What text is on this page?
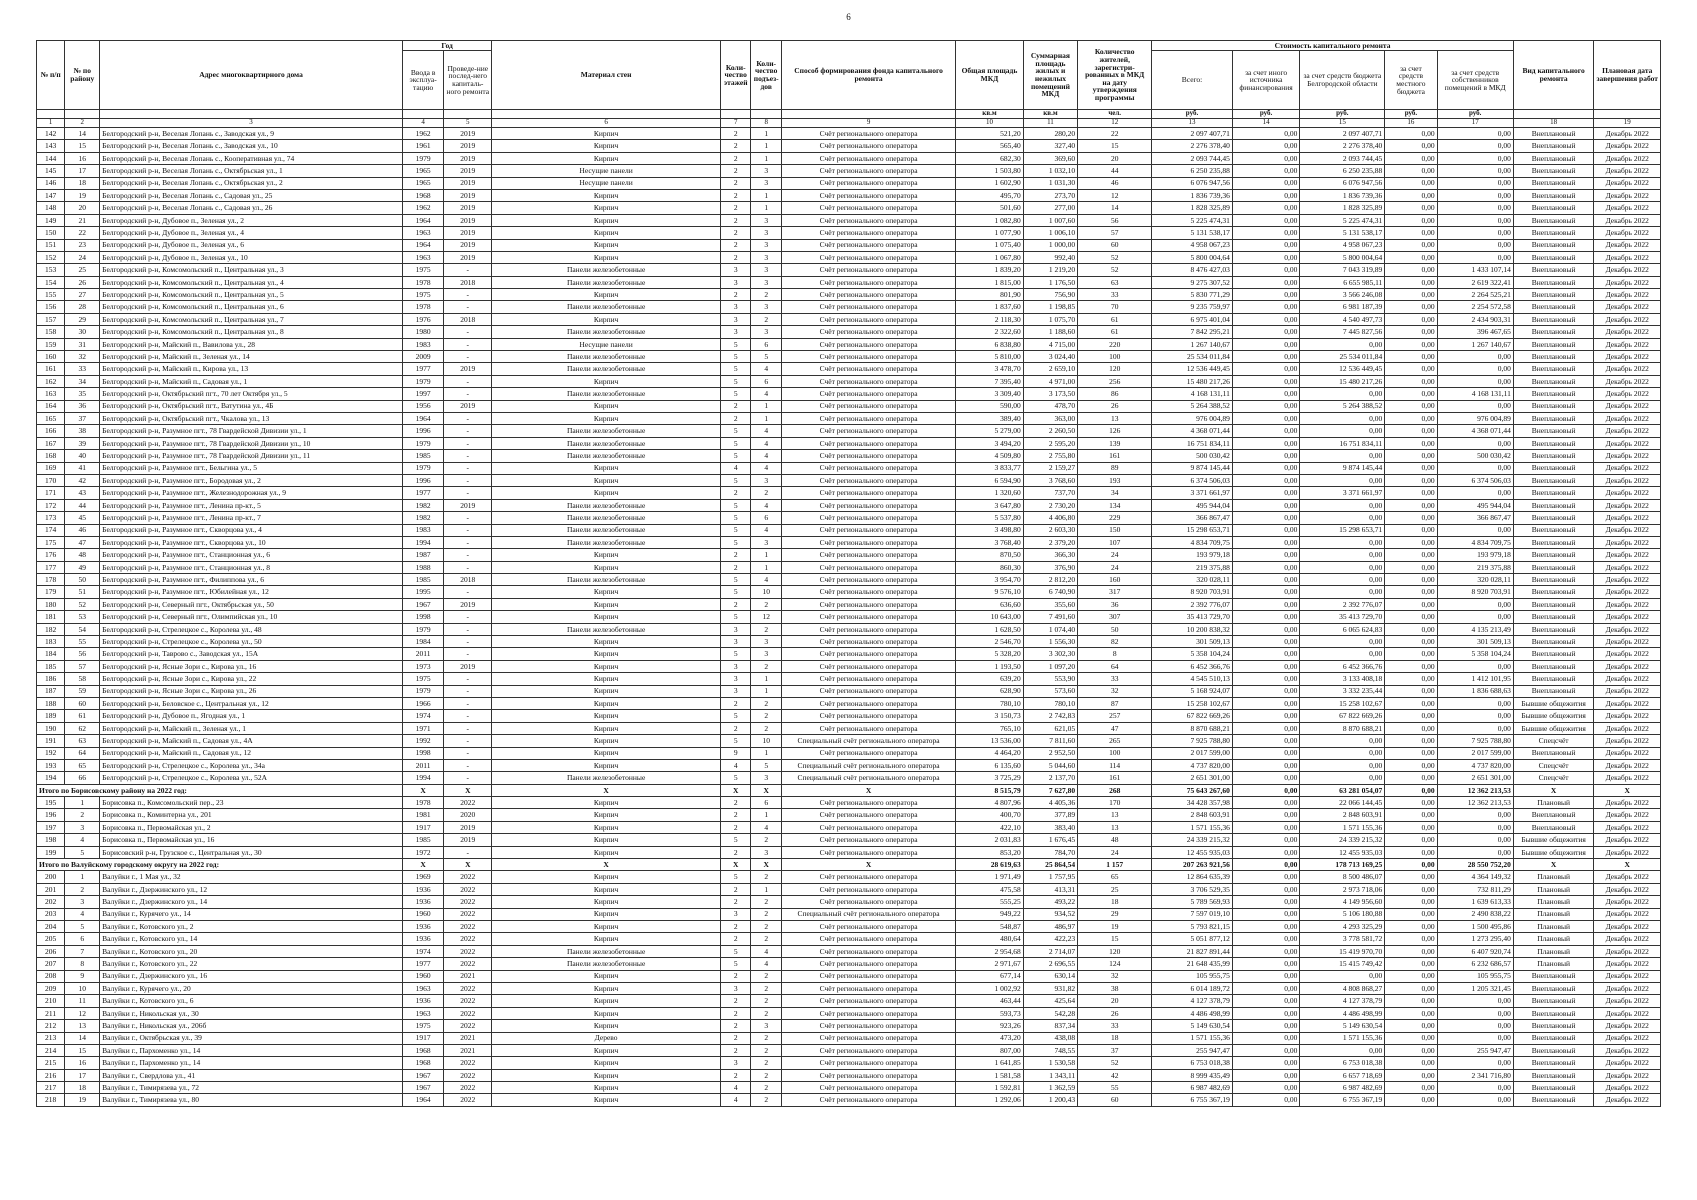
6
№ п/п	№ по району	Адрес многоквартирного дома	Год		Материал стен	Коли-чество этажей	Коли-чество подъез-дов	Способ формирования фонда капитального ремонта	Общая площадь МКД	Суммарная площадь жилых и нежилых помещений МКД	Количество жителей, зарегистри-рованных в МКД на дату утверждения программы	Стоимость капитального ремонта					Вид капитального ремонта	Плановая дата завершения работ
			Ввода в эксплуа-тацию	Проведе-ние послед-него капиталь-ного ремонта								Всего:	за счет иного источника финансирования	за счет средств бюджета Белгородской области	за счет средств местного бюджета	за счет средств собственников помещений в МКД		
									кв.м	кв.м	чел.	руб.	руб.	руб.	руб.	руб.		
1	2	3	4	5	6	7	8	9	10	11	12	13	14	15	16	17	18	19
142	14	Белгородский р-н, Веселая Лопань с., Заводская ул., 9	1962	2019	Кирпич	2	1	Счёт регионального оператора	521,20	280,20	22	2 097 407,71	0,00	2 097 407,71	0,00	0,00	Внеплановый	Декабрь 2022
143	15	Белгородский р-н, Веселая Лопань с., Заводская ул., 10	1961	2019	Кирпич	2	1	Счёт регионального оператора	565,40	327,40	15	2 276 378,40	0,00	2 276 378,40	0,00	0,00	Внеплановый	Декабрь 2022
144	16	Белгородский р-н, Веселая Лопань с., Кооперативная ул., 74	1979	2019	Кирпич	2	1	Счёт регионального оператора	682,30	369,60	20	2 093 744,45	0,00	2 093 744,45	0,00	0,00	Внеплановый	Декабрь 2022
145	17	Белгородский р-н, Веселая Лопань с., Октябрьская ул., 1	1965	2019	Несущие панели	2	3	Счёт регионального оператора	1 503,80	1 032,10	44	6 250 235,88	0,00	6 250 235,88	0,00	0,00	Внеплановый	Декабрь 2022
146	18	Белгородский р-н, Веселая Лопань с., Октябрьская ул., 2	1965	2019	Несущие панели	2	3	Счёт регионального оператора	1 602,90	1 031,30	46	6 076 947,56	0,00	6 076 947,56	0,00	0,00	Внеплановый	Декабрь 2022
147	19	Белгородский р-н, Веселая Лопань с., Садовая ул., 25	1968	2019	Кирпич	2	1	Счёт регионального оператора	495,70	273,70	12	1 836 739,36	0,00	1 836 739,36	0,00	0,00	Внеплановый	Декабрь 2022
148	20	Белгородский р-н, Веселая Лопань с., Садовая ул., 26	1962	2019	Кирпич	2	1	Счёт регионального оператора	501,60	277,00	14	1 828 325,89	0,00	1 828 325,89	0,00	0,00	Внеплановый	Декабрь 2022
149	21	Белгородский р-н, Дубовое п., Зеленая ул., 2	1964	2019	Кирпич	2	3	Счёт регионального оператора	1 082,80	1 007,60	56	5 225 474,31	0,00	5 225 474,31	0,00	0,00	Внеплановый	Декабрь 2022
150	22	Белгородский р-н, Дубовое п., Зеленая ул., 4	1963	2019	Кирпич	2	3	Счёт регионального оператора	1 077,90	1 006,10	57	5 131 538,17	0,00	5 131 538,17	0,00	0,00	Внеплановый	Декабрь 2022
151	23	Белгородский р-н, Дубовое п., Зеленая ул., 6	1964	2019	Кирпич	2	3	Счёт регионального оператора	1 075,40	1 000,00	60	4 958 067,23	0,00	4 958 067,23	0,00	0,00	Внеплановый	Декабрь 2022
152	24	Белгородский р-н, Дубовое п., Зеленая ул., 10	1963	2019	Кирпич	2	3	Счёт регионального оператора	1 067,80	992,40	52	5 800 004,64	0,00	5 800 004,64	0,00	0,00	Внеплановый	Декабрь 2022
153	25	Белгородский р-н, Комсомольский п., Центральная ул., 3	1975	-	Панели железобетонные	3	3	Счёт регионального оператора	1 839,20	1 219,20	52	8 476 427,03	0,00	7 043 319,89	0,00	1 433 107,14	Внеплановый	Декабрь 2022
154	26	Белгородский р-н, Комсомольский п., Центральная ул., 4	1978	2018	Панели железобетонные	3	3	Счёт регионального оператора	1 815,00	1 176,50	63	9 275 307,52	0,00	6 655 985,11	0,00	2 619 322,41	Внеплановый	Декабрь 2022
155	27	Белгородский р-н, Комсомольский п., Центральная ул., 5	1975	-	Кирпич	2	2	Счёт регионального оператора	801,90	756,90	33	5 830 771,29	0,00	3 566 246,08	0,00	2 264 525,21	Внеплановый	Декабрь 2022
156	28	Белгородский р-н, Комсомольский п., Центральная ул., 6	1978	-	Панели железобетонные	3	3	Счёт регионального оператора	1 837,60	1 198,85	70	9 235 759,97	0,00	6 981 187,39	0,00	2 254 572,58	Внеплановый	Декабрь 2022
157	29	Белгородский р-н, Комсомольский п., Центральная ул., 7	1976	2018	Кирпич	3	2	Счёт регионального оператора	2 118,30	1 075,70	61	6 975 401,04	0,00	4 540 497,73	0,00	2 434 903,31	Внеплановый	Декабрь 2022
158	30	Белгородский р-н, Комсомольский п., Центральная ул., 8	1980	-	Панели железобетонные	3	3	Счёт регионального оператора	2 322,60	1 188,60	61	7 842 295,21	0,00	7 445 827,56	0,00	396 467,65	Внеплановый	Декабрь 2022
159	31	Белгородский р-н, Майский п., Вавилова ул., 28	1983	-	Несущие панели	5	6	Счёт регионального оператора	6 838,80	4 715,00	220	1 267 140,67	0,00	0,00	0,00	1 267 140,67	Внеплановый	Декабрь 2022
160	32	Белгородский р-н, Майский п., Зеленая ул., 14	2009	-	Панели железобетонные	5	5	Счёт регионального оператора	5 810,00	3 024,40	100	25 534 011,84	0,00	25 534 011,84	0,00	0,00	Внеплановый	Декабрь 2022
161	33	Белгородский р-н, Майский п., Кирова ул., 13	1977	2019	Панели железобетонные	5	4	Счёт регионального оператора	3 478,70	2 659,10	120	12 536 449,45	0,00	12 536 449,45	0,00	0,00	Внеплановый	Декабрь 2022
162	34	Белгородский р-н, Майский п., Садовая ул., 1	1979	-	Кирпич	5	6	Счёт регионального оператора	7 395,40	4 971,00	256	15 480 217,26	0,00	15 480 217,26	0,00	0,00	Внеплановый	Декабрь 2022
163	35	Белгородский р-н, Октябрьский пгт., 70 лет Октября ул., 5	1997	-	Панели железобетонные	5	4	Счёт регионального оператора	3 309,40	3 173,50	86	4 168 131,11	0,00	0,00	0,00	4 168 131,11	Внеплановый	Декабрь 2022
164	36	Белгородский р-н, Октябрьский пгт., Ватутина ул., 4Б	1956	2019	Кирпич	2	1	Счёт регионального оператора	590,00	478,70	26	5 264 388,52	0,00	5 264 388,52	0,00	0,00	Внеплановый	Декабрь 2022
165	37	Белгородский р-н, Октябрьский пгт., Чкалова ул., 13	1964	-	Кирпич	2	1	Счёт регионального оператора	389,40	363,00	13	976 004,89	0,00	0,00	0,00	976 004,89	Внеплановый	Декабрь 2022
166	38	Белгородский р-н, Разумное пгт., 78 Гвардейской Дивизии ул., 1	1996	-	Панели железобетонные	5	4	Счёт регионального оператора	5 279,00	2 260,50	126	4 368 071,44	0,00	0,00	0,00	4 368 071,44	Внеплановый	Декабрь 2022
167	39	Белгородский р-н, Разумное пгт., 78 Гвардейской Дивизии ул., 10	1979	-	Панели железобетонные	5	4	Счёт регионального оператора	3 494,20	2 595,20	139	16 751 834,11	0,00	16 751 834,11	0,00	0,00	Внеплановый	Декабрь 2022
168	40	Белгородский р-н, Разумное пгт., 78 Гвардейской Дивизии ул., 11	1985	-	Панели железобетонные	5	4	Счёт регионального оператора	4 509,80	2 755,80	161	500 030,42	0,00	0,00	0,00	500 030,42	Внеплановый	Декабрь 2022
169	41	Белгородский р-н, Разумное пгт., Бельгина ул., 5	1979	-	Кирпич	4	4	Счёт регионального оператора	3 833,77	2 159,27	89	9 874 145,44	0,00	9 874 145,44	0,00	0,00	Внеплановый	Декабрь 2022
170	42	Белгородский р-н, Разумное пгт., Бородовая ул., 2	1996	-	Кирпич	5	3	Счёт регионального оператора	6 594,90	3 768,60	193	6 374 506,03	0,00	0,00	0,00	6 374 506,03	Внеплановый	Декабрь 2022
171	43	Белгородский р-н, Разумное пгт., Железнодорожная ул., 9	1977	-	Кирпич	2	2	Счёт регионального оператора	1 320,60	737,70	34	3 371 661,97	0,00	3 371 661,97	0,00	0,00	Внеплановый	Декабрь 2022
172	44	Белгородский р-н, Разумное пгт., Ленина пр-кт., 5	1982	2019	Панели железобетонные	5	4	Счёт регионального оператора	3 647,80	2 730,20	134	495 944,04	0,00	0,00	0,00	495 944,04	Внеплановый	Декабрь 2022
173	45	Белгородский р-н, Разумное пгт., Ленина пр-кт., 7	1982	-	Панели железобетонные	5	6	Счёт регионального оператора	5 537,80	4 406,80	229	366 867,47	0,00	0,00	0,00	366 867,47	Внеплановый	Декабрь 2022
174	46	Белгородский р-н, Разумное пгт., Скворцова ул., 4	1983	-	Панели железобетонные	5	4	Счёт регионального оператора	3 498,80	2 603,30	150	15 298 653,71	0,00	15 298 653,71	0,00	0,00	Внеплановый	Декабрь 2022
175	47	Белгородский р-н, Разумное пгт., Скворцова ул., 10	1994	-	Панели железобетонные	5	3	Счёт регионального оператора	3 768,40	2 379,20	107	4 834 709,75	0,00	0,00	0,00	4 834 709,75	Внеплановый	Декабрь 2022
176	48	Белгородский р-н, Разумное пгт., Станционная ул., 6	1987	-	Кирпич	2	1	Счёт регионального оператора	870,50	366,30	24	193 979,18	0,00	0,00	0,00	193 979,18	Внеплановый	Декабрь 2022
177	49	Белгородский р-н, Разумное пгт., Станционная ул., 8	1988	-	Кирпич	2	1	Счёт регионального оператора	860,30	376,90	24	219 375,88	0,00	0,00	0,00	219 375,88	Внеплановый	Декабрь 2022
178	50	Белгородский р-н, Разумное пгт., Филиппова ул., 6	1985	2018	Панели железобетонные	5	4	Счёт регионального оператора	3 954,70	2 812,20	160	320 028,11	0,00	0,00	0,00	320 028,11	Внеплановый	Декабрь 2022
179	51	Белгородский р-н, Разумное пгт., Юбилейная ул., 12	1995	-	Кирпич	5	10	Счёт регионального оператора	9 576,10	6 740,90	317	8 920 703,91	0,00	0,00	0,00	8 920 703,91	Внеплановый	Декабрь 2022
180	52	Белгородский р-н, Северный пгт., Октябрьская ул., 50	1967	2019	Кирпич	2	2	Счёт регионального оператора	636,60	355,60	36	2 392 776,07	0,00	2 392 776,07	0,00	0,00	Внеплановый	Декабрь 2022
181	53	Белгородский р-н, Северный пгт., Олимпийская ул., 10	1998	-	Кирпич	5	12	Счёт регионального оператора	10 643,00	7 491,60	307	35 413 729,70	0,00	35 413 729,70	0,00	0,00	Внеплановый	Декабрь 2022
182	54	Белгородский р-н, Стрелецкое с., Королева ул., 48	1979	-	Панели железобетонные	3	2	Счёт регионального оператора	1 628,50	1 074,40	50	10 200 838,32	0,00	6 065 624,83	0,00	4 135 213,49	Внеплановый	Декабрь 2022
183	55	Белгородский р-н, Стрелецкое с., Королева ул., 50	1984	-	Кирпич	3	3	Счёт регионального оператора	2 546,70	1 556,30	82	301 509,13	0,00	0,00	0,00	301 509,13	Внеплановый	Декабрь 2022
184	56	Белгородский р-н, Таврово с., Заводская ул., 15А	2011	-	Кирпич	5	3	Счёт регионального оператора	5 328,20	3 302,30	8	5 358 104,24	0,00	0,00	0,00	5 358 104,24	Внеплановый	Декабрь 2022
185	57	Белгородский р-н, Ясные Зори с., Кирова ул., 16	1973	2019	Кирпич	3	2	Счёт регионального оператора	1 193,50	1 097,20	64	6 452 366,76	0,00	6 452 366,76	0,00	0,00	Внеплановый	Декабрь 2022
186	58	Белгородский р-н, Ясные Зори с., Кирова ул., 22	1975	-	Кирпич	3	1	Счёт регионального оператора	639,20	553,90	33	4 545 510,13	0,00	3 133 408,18	0,00	1 412 101,95	Внеплановый	Декабрь 2022
187	59	Белгородский р-н, Ясные Зори с., Кирова ул., 26	1979	-	Кирпич	3	1	Счёт регионального оператора	628,90	573,60	32	5 168 924,07	0,00	3 332 235,44	0,00	1 836 688,63	Внеплановый	Декабрь 2022
188	60	Белгородский р-н, Беловское с., Центральная ул., 12	1966	-	Кирпич	2	2	Счёт регионального оператора	780,10	780,10	87	15 258 102,67	0,00	15 258 102,67	0,00	0,00	Бывшие общежития	Декабрь 2022
189	61	Белгородский р-н, Дубовое п., Ягодная ул., 1	1974	-	Кирпич	5	2	Счёт регионального оператора	3 150,73	2 742,83	257	67 822 669,26	0,00	67 822 669,26	0,00	0,00	Бывшие общежития	Декабрь 2022
190	62	Белгородский р-н, Майский п., Зеленая ул., 1	1971	-	Кирпич	2	2	Счёт регионального оператора	765,10	621,05	47	8 870 688,21	0,00	8 870 688,21	0,00	0,00	Бывшие общежития	Декабрь 2022
191	63	Белгородский р-н, Майский п., Садовая ул., 4А	1992	-	Кирпич	5	10	Специальный счёт регионального оператора	13 536,00	7 811,60	265	7 925 788,80	0,00	0,00	0,00	7 925 788,80	Спецсчёт	Декабрь 2022
192	64	Белгородский р-н, Майский п., Садовая ул., 12	1998	-	Кирпич	9	1	Счёт регионального оператора	4 464,20	2 952,50	100	2 017 599,00	0,00	0,00	0,00	2 017 599,00	Внеплановый	Декабрь 2022
193	65	Белгородский р-н, Стрелецкое с., Королева ул., 34а	2011	-	Кирпич	4	5	Специальный счёт регионального оператора	6 135,60	5 044,60	114	4 737 820,00	0,00	0,00	0,00	4 737 820,00	Спецсчёт	Декабрь 2022
194	66	Белгородский р-н, Стрелецкое с., Королева ул., 52А	1994	-	Панели железобетонные	5	3	Специальный счёт регионального оператора	3 725,29	2 137,70	161	2 651 301,00	0,00	0,00	0,00	2 651 301,00	Спецсчёт	Декабрь 2022
Итого по Борисовскому району на 2022 год:			X	X	X	X	X	X	8 515,79	7 627,80	268	75 643 267,60	0,00	63 281 054,07	0,00	12 362 213,53	X	X
195	1	Борисовка п., Комсомольский пер., 23	1978	2022	Кирпич	2	6	Счёт регионального оператора	4 807,96	4 405,36	170	34 428 357,98	0,00	22 066 144,45	0,00	12 362 213,53	Плановый	Декабрь 2022
196	2	Борисовка п., Коминтерна ул., 201	1981	2020	Кирпич	2	1	Счёт регионального оператора	400,70	377,89	13	2 848 603,91	0,00	2 848 603,91	0,00	0,00	Внеплановый	Декабрь 2022
197	3	Борисовка п., Первомайская ул., 2	1917	2019	Кирпич	2	4	Счёт регионального оператора	422,10	383,40	13	1 571 155,36	0,00	1 571 155,36	0,00	0,00	Внеплановый	Декабрь 2022
198	4	Борисовка п., Первомайская ул., 16	1985	2019	Кирпич	5	2	Счёт регионального оператора	2 031,83	1 676,45	48	24 339 215,32	0,00	24 339 215,32	0,00	0,00	Бывшие общежития	Декабрь 2022
199	5	Борисовский р-н, Грузское с., Центральная ул., 30	1972	-	Кирпич	2	3	Счёт регионального оператора	853,20	784,70	24	12 455 935,03	0,00	12 455 935,03	0,00	0,00	Бывшие общежития	Декабрь 2022
Итого по Валуйскому городскому округу на 2022 год:			X	X	X	X	X	X	28 619,63	25 864,54	1 157	207 263 921,56	0,00	178 713 169,25	0,00	28 550 752,20	X	X
200	1	Валуйки г., 1 Мая ул., 32	1969	2022	Кирпич	5	2	Счёт регионального оператора	1 971,49	1 757,95	65	12 864 635,39	0,00	8 500 486,07	0,00	4 364 149,32	Плановый	Декабрь 2022
201	2	Валуйки г., Дзержинского ул., 12	1936	2022	Кирпич	2	1	Счёт регионального оператора	475,58	413,31	25	3 706 529,35	0,00	2 973 718,06	0,00	732 811,29	Плановый	Декабрь 2022
202	3	Валуйки г., Дзержинского ул., 14	1936	2022	Кирпич	2	2	Счёт регионального оператора	555,25	493,22	18	5 789 569,93	0,00	4 149 956,60	0,00	1 639 613,33	Плановый	Декабрь 2022
203	4	Валуйки г., Курячего ул., 14	1960	2022	Кирпич	3	2	Специальный счёт регионального оператора	949,22	934,52	29	7 597 019,10	0,00	5 106 180,88	0,00	2 490 838,22	Плановый	Декабрь 2022
204	5	Валуйки г., Котовского ул., 2	1936	2022	Кирпич	2	2	Счёт регионального оператора	548,87	486,97	19	5 793 821,15	0,00	4 293 325,29	0,00	1 500 495,86	Плановый	Декабрь 2022
205	6	Валуйки г., Котовского ул., 14	1936	2022	Кирпич	2	2	Счёт регионального оператора	480,64	422,23	15	5 051 877,12	0,00	3 778 581,72	0,00	1 273 295,40	Плановый	Декабрь 2022
206	7	Валуйки г., Котовского ул., 20	1974	2022	Панели железобетонные	5	4	Счёт регионального оператора	2 954,68	2 714,07	120	21 827 891,44	0,00	15 419 970,70	0,00	6 407 920,74	Плановый	Декабрь 2022
207	8	Валуйки г., Котовского ул., 22	1977	2022	Панели железобетонные	5	4	Счёт регионального оператора	2 971,67	2 696,55	124	21 648 435,99	0,00	15 415 749,42	0,00	6 232 686,57	Плановый	Декабрь 2022
208	9	Валуйки г., Дзержинского ул., 16	1960	2021	Кирпич	2	2	Счёт регионального оператора	677,14	630,14	32	105 955,75	0,00	0,00	0,00	105 955,75	Внеплановый	Декабрь 2022
209	10	Валуйки г., Курячего ул., 20	1963	2022	Кирпич	3	2	Счёт регионального оператора	1 002,92	931,82	38	6 014 189,72	0,00	4 808 868,27	0,00	1 205 321,45	Внеплановый	Декабрь 2022
210	11	Валуйки г., Котовского ул., 6	1936	2022	Кирпич	2	2	Счёт регионального оператора	463,44	425,64	20	4 127 378,79	0,00	4 127 378,79	0,00	0,00	Внеплановый	Декабрь 2022
211	12	Валуйки г., Никольская ул., 30	1963	2022	Кирпич	2	2	Счёт регионального оператора	593,73	542,28	26	4 486 498,99	0,00	4 486 498,99	0,00	0,00	Внеплановый	Декабрь 2022
212	13	Валуйки г., Никольская ул., 206б	1975	2022	Кирпич	2	3	Счёт регионального оператора	923,26	837,34	33	5 149 630,54	0,00	5 149 630,54	0,00	0,00	Внеплановый	Декабрь 2022
213	14	Валуйки г., Октябрьская ул., 39	1917	2021	Дерево	2	2	Счёт регионального оператора	473,20	438,08	18	1 571 155,36	0,00	1 571 155,36	0,00	0,00	Внеплановый	Декабрь 2022
214	15	Валуйки г., Пархоменко ул., 14	1968	2021	Кирпич	2	2	Счёт регионального оператора	807,00	748,55	37	255 947,47	0,00	0,00	0,00	255 947,47	Внеплановый	Декабрь 2022
215	16	Валуйки г., Пархоменко ул., 14	1968	2022	Кирпич	3	2	Счёт регионального оператора	1 641,85	1 530,58	52	6 753 018,38	0,00	6 753 018,38	0,00	0,00	Внеплановый	Декабрь 2022
216	17	Валуйки г., Свердлова ул., 41	1967	2022	Кирпич	2	2	Счёт регионального оператора	1 581,58	1 343,11	42	8 999 435,49	0,00	6 657 718,69	0,00	2 341 716,80	Внеплановый	Декабрь 2022
217	18	Валуйки г., Тимирязева ул., 72	1967	2022	Кирпич	4	2	Счёт регионального оператора	1 592,81	1 362,59	55	6 987 482,69	0,00	6 987 482,69	0,00	0,00	Внеплановый	Декабрь 2022
218	19	Валуйки г., Тимирязева ул., 80	1964	2022	Кирпич	4	2	Счёт регионального оператора	1 292,06	1 200,43	60	6 755 367,19	0,00	6 755 367,19	0,00	0,00	Внеплановый	Декабрь 2022
